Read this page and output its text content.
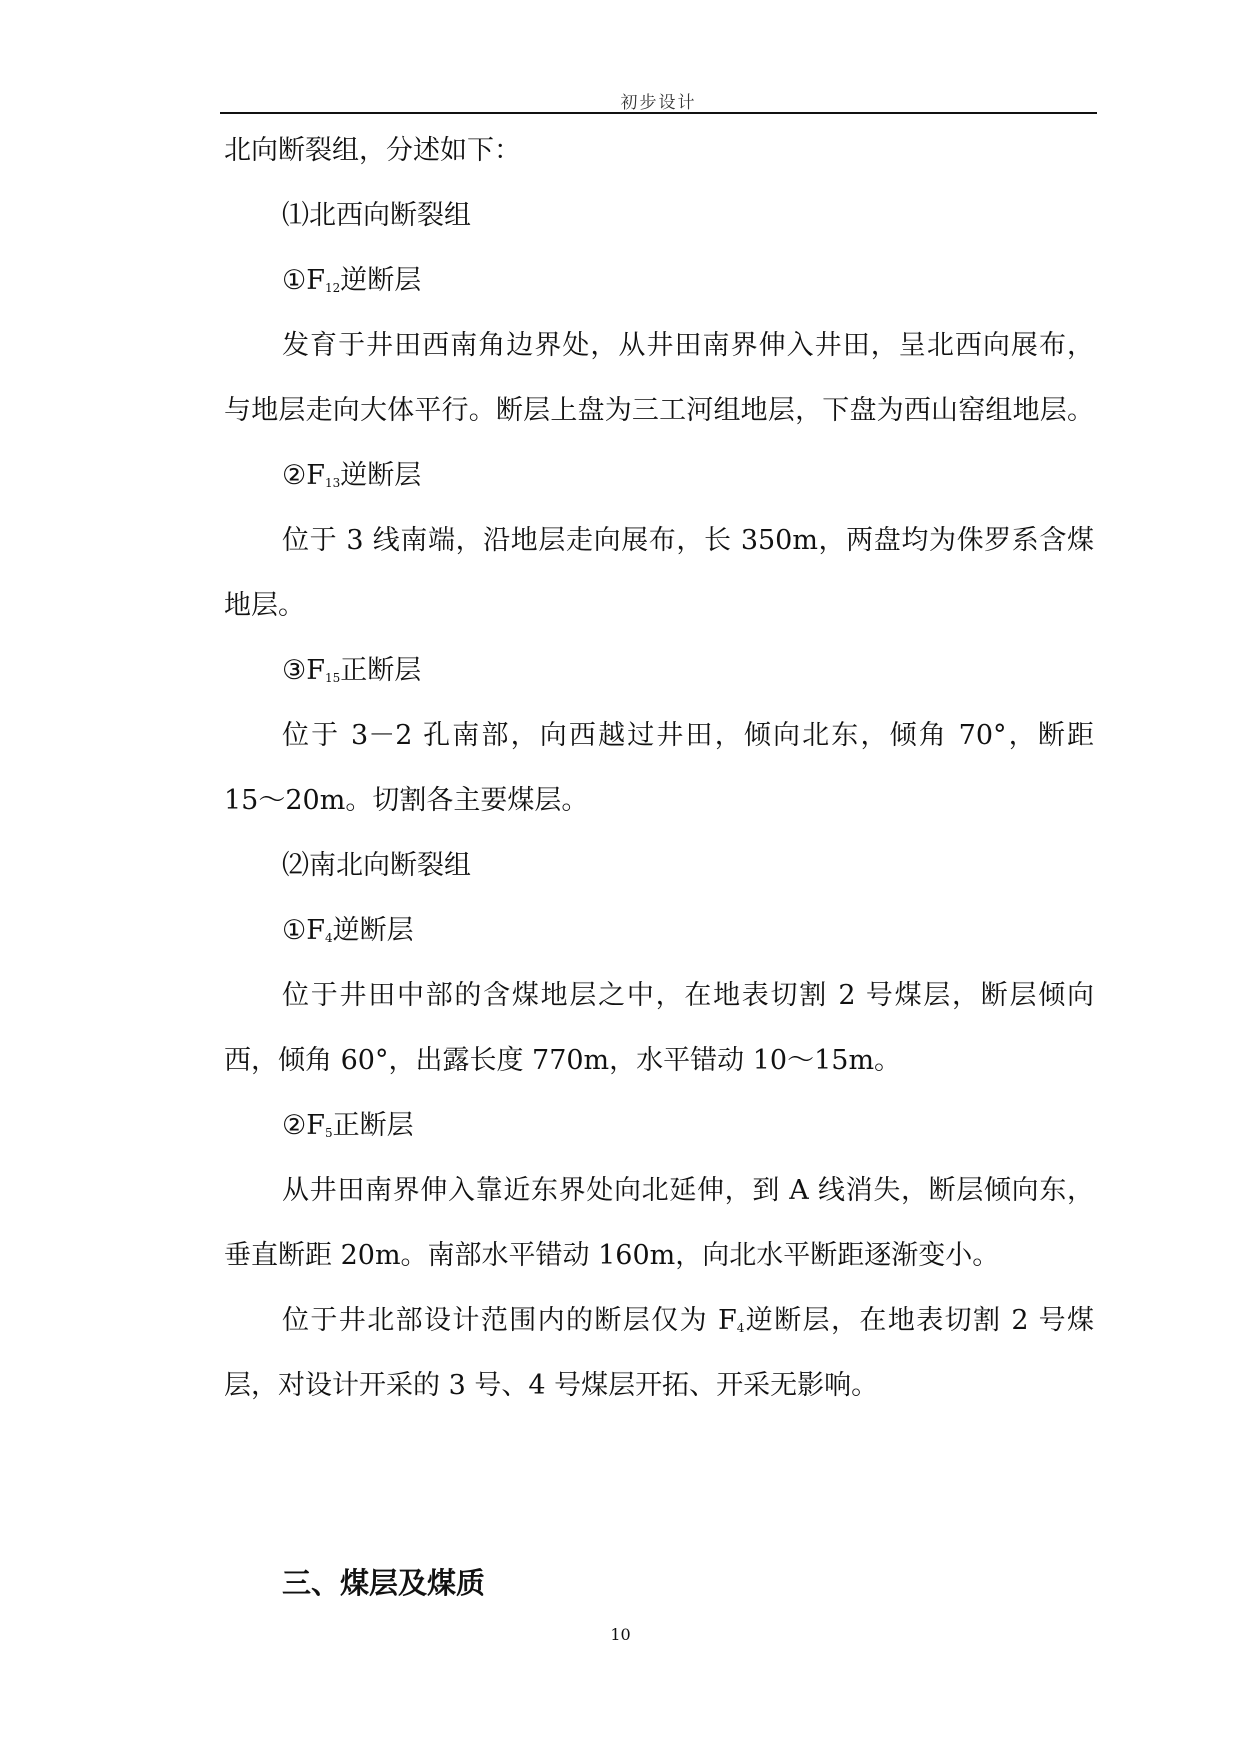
初步设计

北向断裂组，分述如下：

⑴北西向断裂组

$①F_{12}$逆断层

发育于井田西南角边界处，从井田南界伸入井田，呈北西向展布，

与地层走向大体平行。断层上盘为三工河组地层，下盘为西山窑组地层。

$②F_{13}$逆断层

位于 3 线南端，沿地层走向展布，长 350m，两盘均为侏罗系含煤

地层。

$③F_{15}$正断层

位于 3－2 孔南部，向西越过井田，倾向北东，倾角 70°，断距

15～20m。切割各主要煤层。

⑵南北向断裂组

$①F_4$逆断层

位于井田中部的含煤地层之中，在地表切割 2 号煤层，断层倾向

西，倾角 60°，出露长度 770m，水平错动 10～15m。

$②F_5$正断层

从井田南界伸入靠近东界处向北延伸，到 A 线消失，断层倾向东，

垂直断距 20m。南部水平错动 160m，向北水平断距逐渐变小。

位于井北部设计范围内的断层仅为 $F_4$逆断层，在地表切割 2 号煤

层，对设计开采的 3 号、4 号煤层开拓、开采无影响。

三、煤层及煤质
10
